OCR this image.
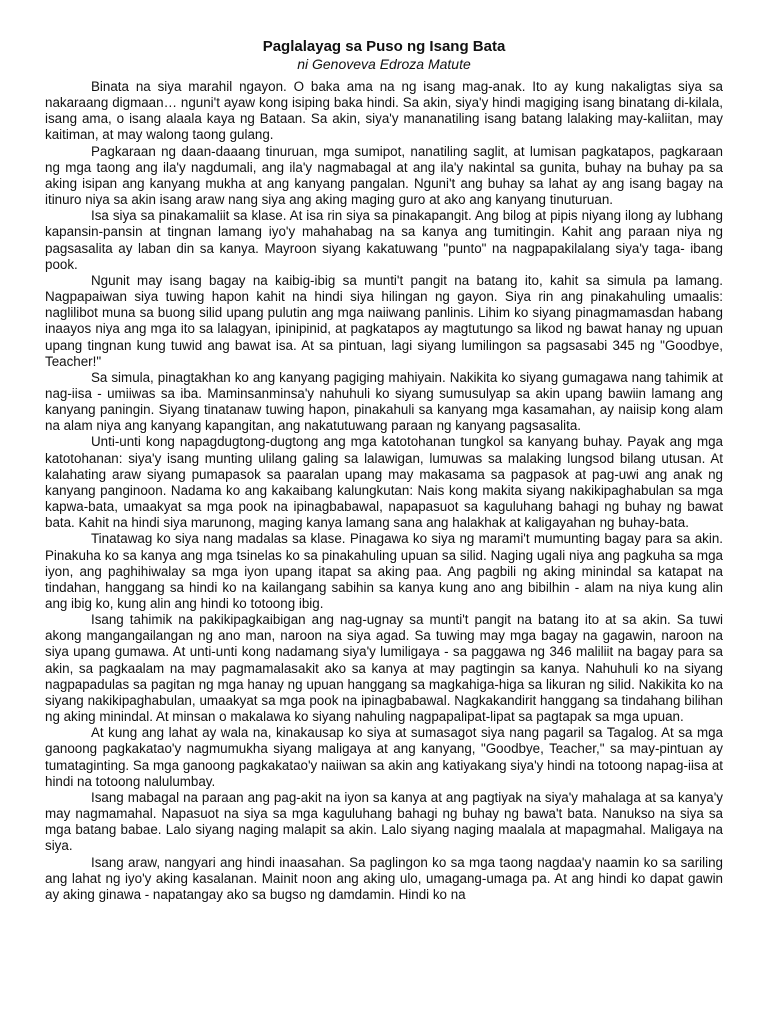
Paglalayag sa Puso ng Isang Bata
ni Genoveva Edroza Matute

Binata na siya marahil ngayon. O baka ama na ng isang mag-anak. Ito ay kung nakaligtas siya sa nakaraang digmaan… nguni't ayaw kong isiping baka hindi. Sa akin, siya'y hindi magiging isang binatang di-kilala, isang ama, o isang alaala kaya ng Bataan. Sa akin, siya'y mananatiling isang batang lalaking may-kaliitan, may kaitiman, at may walong taong gulang.

Pagkaraan ng daan-daaang tinuruan, mga sumipot, nanatiling saglit, at lumisan pagkatapos, pagkaraan ng mga taong ang ila'y nagdumali, ang ila'y nagmabagal at ang ila'y nakintal sa gunita, buhay na buhay pa sa aking isipan ang kanyang mukha at ang kanyang pangalan. Nguni't ang buhay sa lahat ay ang isang bagay na itinuro niya sa akin isang araw nang siya ang aking maging guro at ako ang kanyang tinuturuan.

Isa siya sa pinakamaliit sa klase. At isa rin siya sa pinakapangit. Ang bilog at pipis niyang ilong ay lubhang kapansin-pansin at tingnan lamang iyo'y mahahabag na sa kanya ang tumitingin. Kahit ang paraan niya ng pagsasalita ay laban din sa kanya. Mayroon siyang kakatuwang "punto" na nagpapakilalang siya'y taga- ibang pook.

Ngunit may isang bagay na kaibig-ibig sa munti't pangit na batang ito, kahit sa simula pa lamang. Nagpapaiwan siya tuwing hapon kahit na hindi siya hilingan ng gayon. Siya rin ang pinakahuling umaalis: naglilibot muna sa buong silid upang pulutin ang mga naiiwang panlinis. Lihim ko siyang pinagmamasdan habang inaayos niya ang mga ito sa lalagyan, ipinipinid, at pagkatapos ay magtutungo sa likod ng bawat hanay ng upuan upang tingnan kung tuwid ang bawat isa. At sa pintuan, lagi siyang lumilingon sa pagsasabi 345 ng "Goodbye, Teacher!"

Sa simula, pinagtakhan ko ang kanyang pagiging mahiyain. Nakikita ko siyang gumagawa nang tahimik at nag-iisa - umiiwas sa iba. Maminsanminsa'y nahuhuli ko siyang sumusulyap sa akin upang bawiin lamang ang kanyang paningin. Siyang tinatanaw tuwing hapon, pinakahuli sa kanyang mga kasamahan, ay naiisip kong alam na alam niya ang kanyang kapangitan, ang nakatutuwang paraan ng kanyang pagsasalita.

Unti-unti kong napagdugtong-dugtong ang mga katotohanan tungkol sa kanyang buhay. Payak ang mga katotohanan: siya'y isang munting ulilang galing sa lalawigan, lumuwas sa malaking lungsod bilang utusan. At kalahating araw siyang pumapasok sa paaralan upang may makasama sa pagpasok at pag-uwi ang anak ng kanyang panginoon. Nadama ko ang kakaibang kalungkutan: Nais kong makita siyang nakikipaghabulan sa mga kapwa-bata, umaakyat sa mga pook na ipinagbabawal, napapasuot sa kaguluhang bahagi ng buhay ng bawat bata. Kahit na hindi siya marunong, maging kanya lamang sana ang halakhak at kaligayahan ng buhay-bata.

Tinatawag ko siya nang madalas sa klase. Pinagawa ko siya ng marami't mumunting bagay para sa akin. Pinakuha ko sa kanya ang mga tsinelas ko sa pinakahuling upuan sa silid. Naging ugali niya ang pagkuha sa mga iyon, ang paghihiwalay sa mga iyon upang itapat sa aking paa. Ang pagbili ng aking minindal sa katapat na tindahan, hanggang sa hindi ko na kailangang sabihin sa kanya kung ano ang bibilhin - alam na niya kung alin ang ibig ko, kung alin ang hindi ko totoong ibig.

Isang tahimik na pakikipagkaibigan ang nag-ugnay sa munti't pangit na batang ito at sa akin. Sa tuwi akong mangangailangan ng ano man, naroon na siya agad. Sa tuwing may mga bagay na gagawin, naroon na siya upang gumawa. At unti-unti kong nadamang siya'y lumiligaya - sa paggawa ng 346 maliliit na bagay para sa akin, sa pagkaalam na may pagmamalasakit ako sa kanya at may pagtingin sa kanya. Nahuhuli ko na siyang nagpapadulas sa pagitan ng mga hanay ng upuan hanggang sa magkahiga-higa sa likuran ng silid. Nakikita ko na siyang nakikipaghabulan, umaakyat sa mga pook na ipinagbabawal. Nagkakandirit hanggang sa tindahang bilihan ng aking minindal. At minsan o makalawa ko siyang nahuling nagpapalipat-lipat sa pagtapak sa mga upuan.

At kung ang lahat ay wala na, kinakausap ko siya at sumasagot siya nang pagaril sa Tagalog. At sa mga ganoong pagkakatao'y nagmumukha siyang maligaya at ang kanyang, "Goodbye, Teacher," sa may-pintuan ay tumataginting. Sa mga ganoong pagkakatao'y naiiwan sa akin ang katiyakang siya'y hindi na totoong napag-iisa at hindi na totoong nalulumbay.

Isang mabagal na paraan ang pag-akit na iyon sa kanya at ang pagtiyak na siya'y mahalaga at sa kanya'y may nagmamahal. Napasuot na siya sa mga kaguluhang bahagi ng buhay ng bawa't bata. Nanukso na siya sa mga batang babae. Lalo siyang naging malapit sa akin. Lalo siyang naging maalala at mapagmahal. Maligaya na siya.

Isang araw, nangyari ang hindi inaasahan. Sa paglingon ko sa mga taong nagdaa'y naamin ko sa sariling ang lahat ng iyo'y aking kasalanan. Mainit noon ang aking ulo, umagang-umaga pa. At ang hindi ko dapat gawin ay aking ginawa - napatangay ako sa bugso ng damdamin. Hindi ko na
